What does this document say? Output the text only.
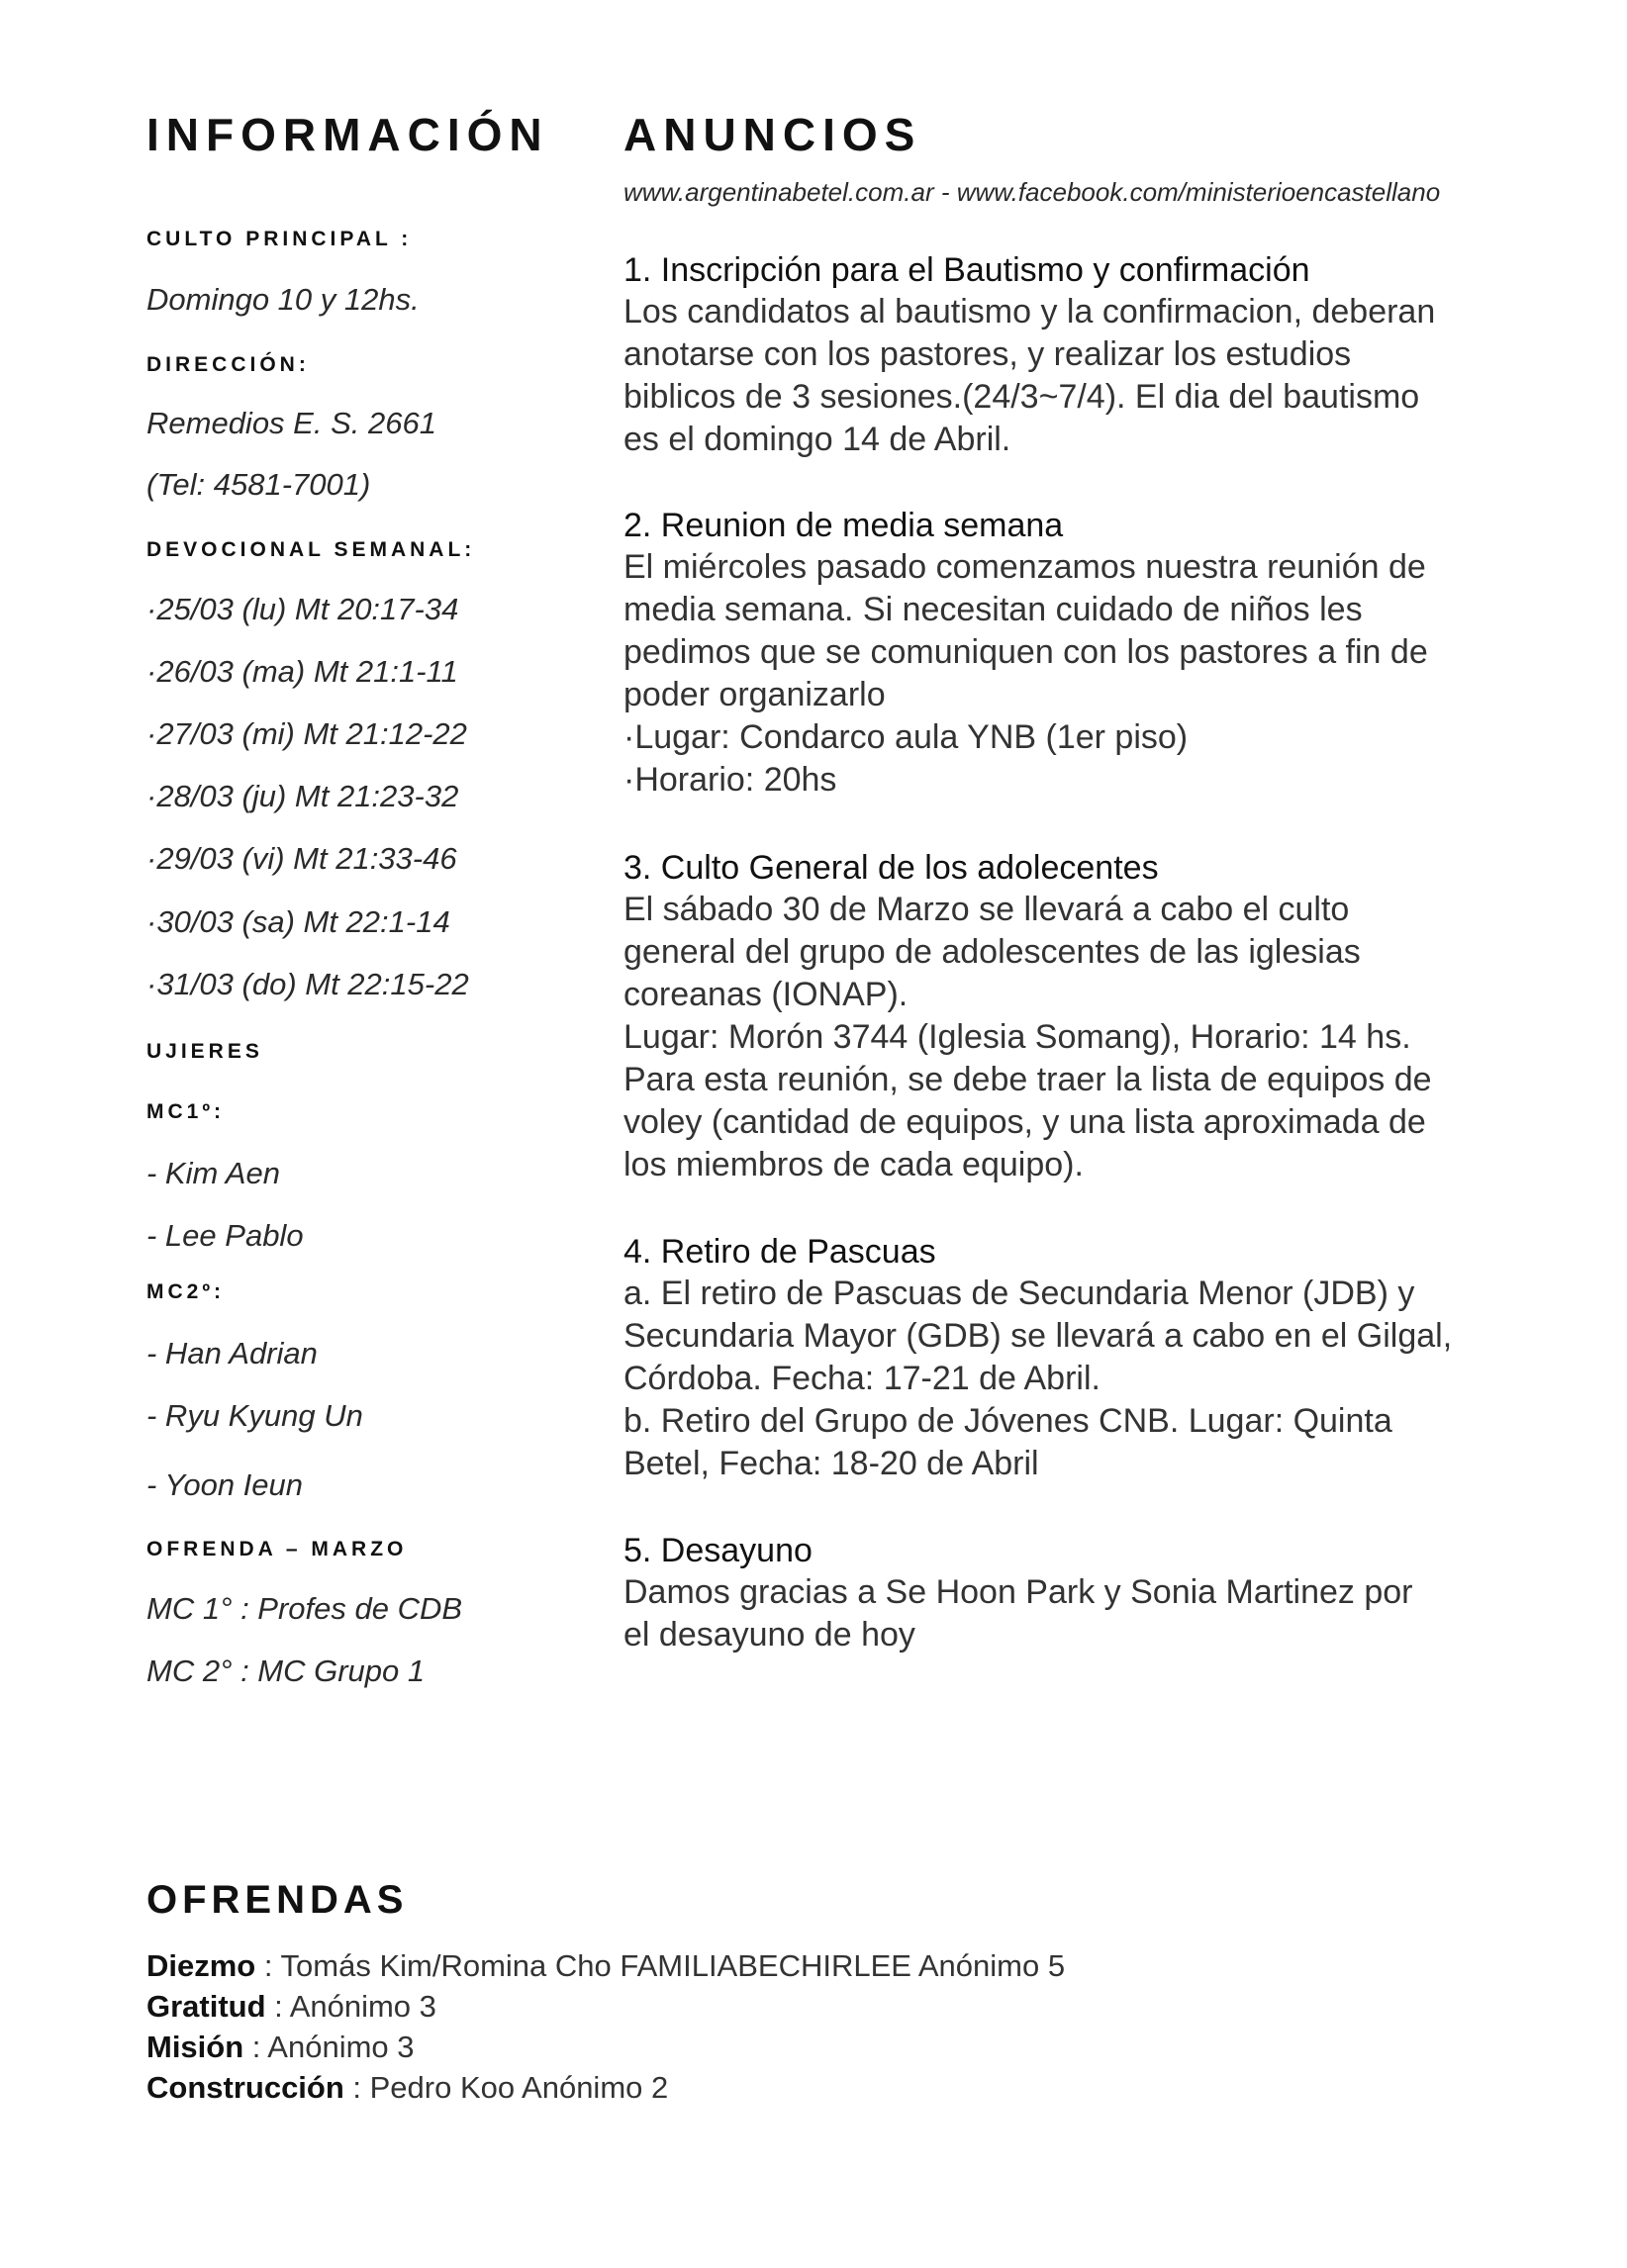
INFORMACIÓN
CULTO PRINCIPAL :
Domingo 10 y 12hs.
DIRECCIÓN:
Remedios E. S. 2661
(Tel: 4581-7001)
DEVOCIONAL SEMANAL:
·25/03 (lu) Mt 20:17-34
·26/03 (ma) Mt 21:1-11
·27/03 (mi) Mt 21:12-22
·28/03 (ju) Mt 21:23-32
·29/03 (vi) Mt 21:33-46
·30/03 (sa) Mt 22:1-14
·31/03 (do) Mt 22:15-22
UJIERES
MC1º:
- Kim Aen
- Lee Pablo
MC2º:
- Han Adrian
- Ryu Kyung Un
- Yoon Ieun
OFRENDA – MARZO
MC 1° : Profes de CDB
MC 2° : MC Grupo 1
ANUNCIOS
www.argentinabetel.com.ar - www.facebook.com/ministerioencastellano
1. Inscripción para el Bautismo y confirmación
Los candidatos al bautismo y la confirmacion, deberan
anotarse con los pastores, y realizar los estudios
biblicos de 3 sesiones.(24/3~7/4). El dia del bautismo
es el domingo 14 de Abril.
2. Reunion de media semana
El miércoles pasado comenzamos nuestra reunión de
media semana. Si necesitan cuidado de niños les
pedimos que se comuniquen con los pastores a fin de
poder organizarlo
·Lugar: Condarco aula YNB (1er piso)
·Horario: 20hs
3. Culto General de los adolecentes
El sábado 30 de Marzo se llevará a cabo el culto
general del grupo de adolescentes de las iglesias
coreanas (IONAP).
Lugar: Morón 3744 (Iglesia Somang), Horario: 14 hs.
Para esta reunión, se debe traer la lista de equipos de
voley (cantidad de equipos, y una lista aproximada de
los miembros de cada equipo).
4. Retiro de Pascuas
a. El retiro de Pascuas de Secundaria Menor (JDB) y
Secundaria Mayor (GDB) se llevará a cabo en el Gilgal,
Córdoba. Fecha: 17-21 de Abril.
b. Retiro del Grupo de Jóvenes CNB. Lugar: Quinta
Betel, Fecha: 18-20 de Abril
5. Desayuno
Damos gracias a Se Hoon Park y Sonia Martinez por
el desayuno de hoy
OFRENDAS
Diezmo : Tomás Kim/Romina Cho FAMILIABECHIRLEE Anónimo 5
Gratitud : Anónimo 3
Misión : Anónimo 3
Construcción : Pedro Koo Anónimo 2
